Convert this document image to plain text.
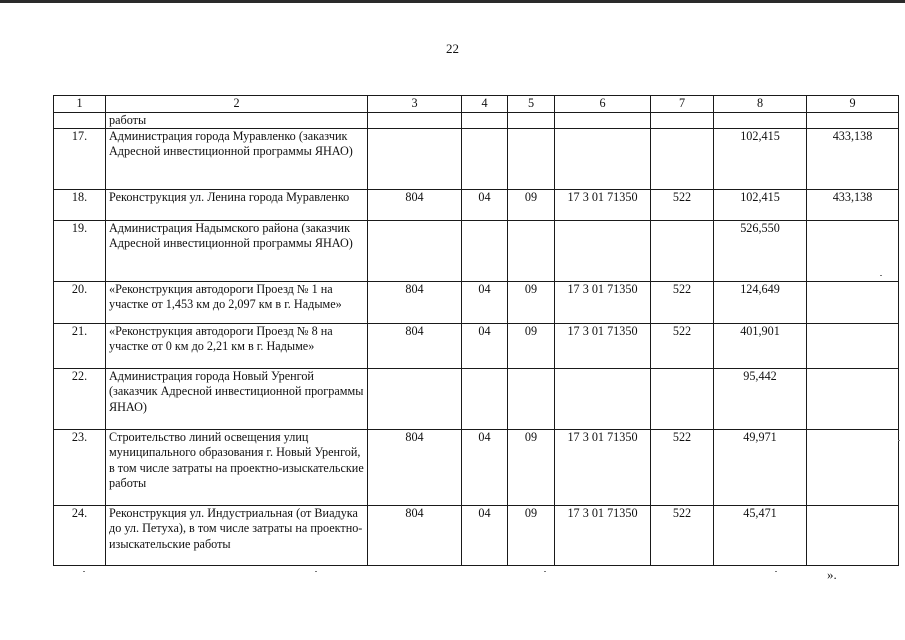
22
1	2	3	4	5	6	7	8	9
	работы							
17.	Администрация города Муравленко (заказчик Адресной инвестиционной программы ЯНАО)						102,415	433,138
18.	Реконструкция ул. Ленина города Муравленко	804	04	09	17 3 01 71350	522	102,415	433,138
19.	Администрация Надымского района (заказчик Адресной инвестиционной программы ЯНАО)						526,550	
20.	«Реконструкция автодороги Проезд № 1 на участке от 1,453 км до 2,097 км в г. Надыме»	804	04	09	17 3 01 71350	522	124,649	
21.	«Реконструкция автодороги Проезд № 8 на участке от 0 км до 2,21 км в г. Надыме»	804	04	09	17 3 01 71350	522	401,901	
22.	Администрация города Новый Уренгой (заказчик Адресной инвестиционной программы ЯНАО)						95,442	
23.	Строительство линий освещения улиц муниципального образования г. Новый Уренгой, в том числе затраты на проектно-изыскательские работы	804	04	09	17 3 01 71350	522	49,971	
24.	Реконструкция ул. Индустриальная (от Виадука до ул. Петуха), в том числе затраты на проектно-изыскательские работы	804	04	09	17 3 01 71350	522	45,471	
».
